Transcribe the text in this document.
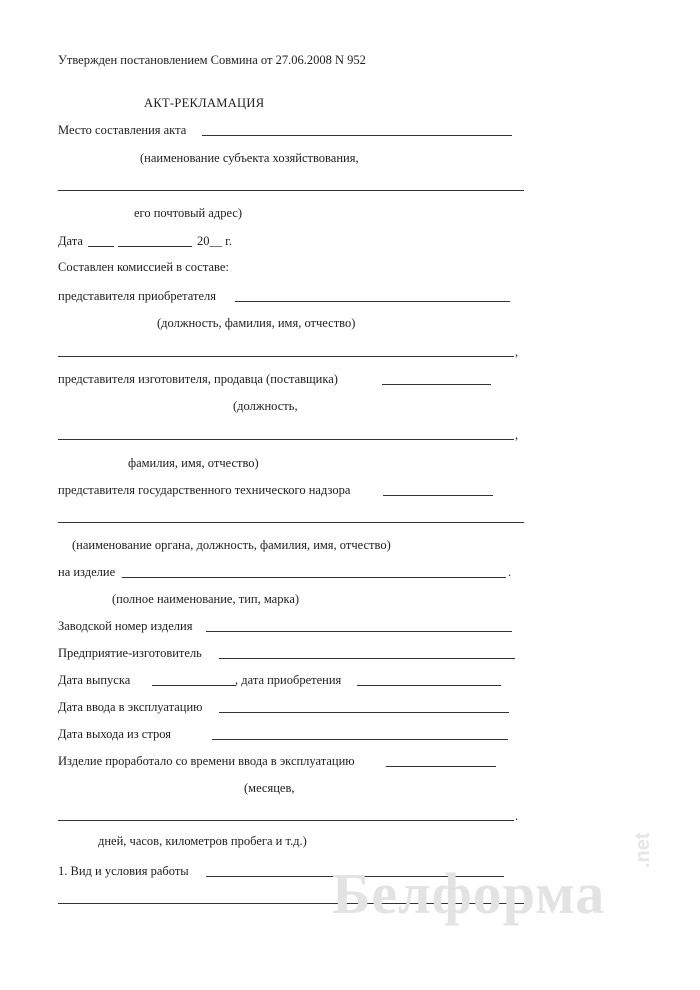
Утвержден постановлением Совмина от 27.06.2008 N 952
АКТ-РЕКЛАМАЦИЯ
Место составления акта
(наименование субъекта хозяйствования,
его почтовый адрес)
Дата	20__ г.
Составлен комиссией в составе:
представителя приобретателя
(должность, фамилия, имя, отчество)
,
представителя изготовителя, продавца (поставщика)
(должность,
,
фамилия, имя, отчество)
представителя государственного технического надзора
(наименование органа, должность, фамилия, имя, отчество)
на изделие	.
(полное наименование, тип, марка)
Заводской номер изделия
Предприятие-изготовитель
Дата выпуска	, дата приобретения
Дата ввода в эксплуатацию
Дата выхода из строя
Изделие проработало со времени ввода в эксплуатацию
(месяцев,
.
дней, часов, километров пробега и т.д.)
1. Вид и условия работы Белформа
.net
